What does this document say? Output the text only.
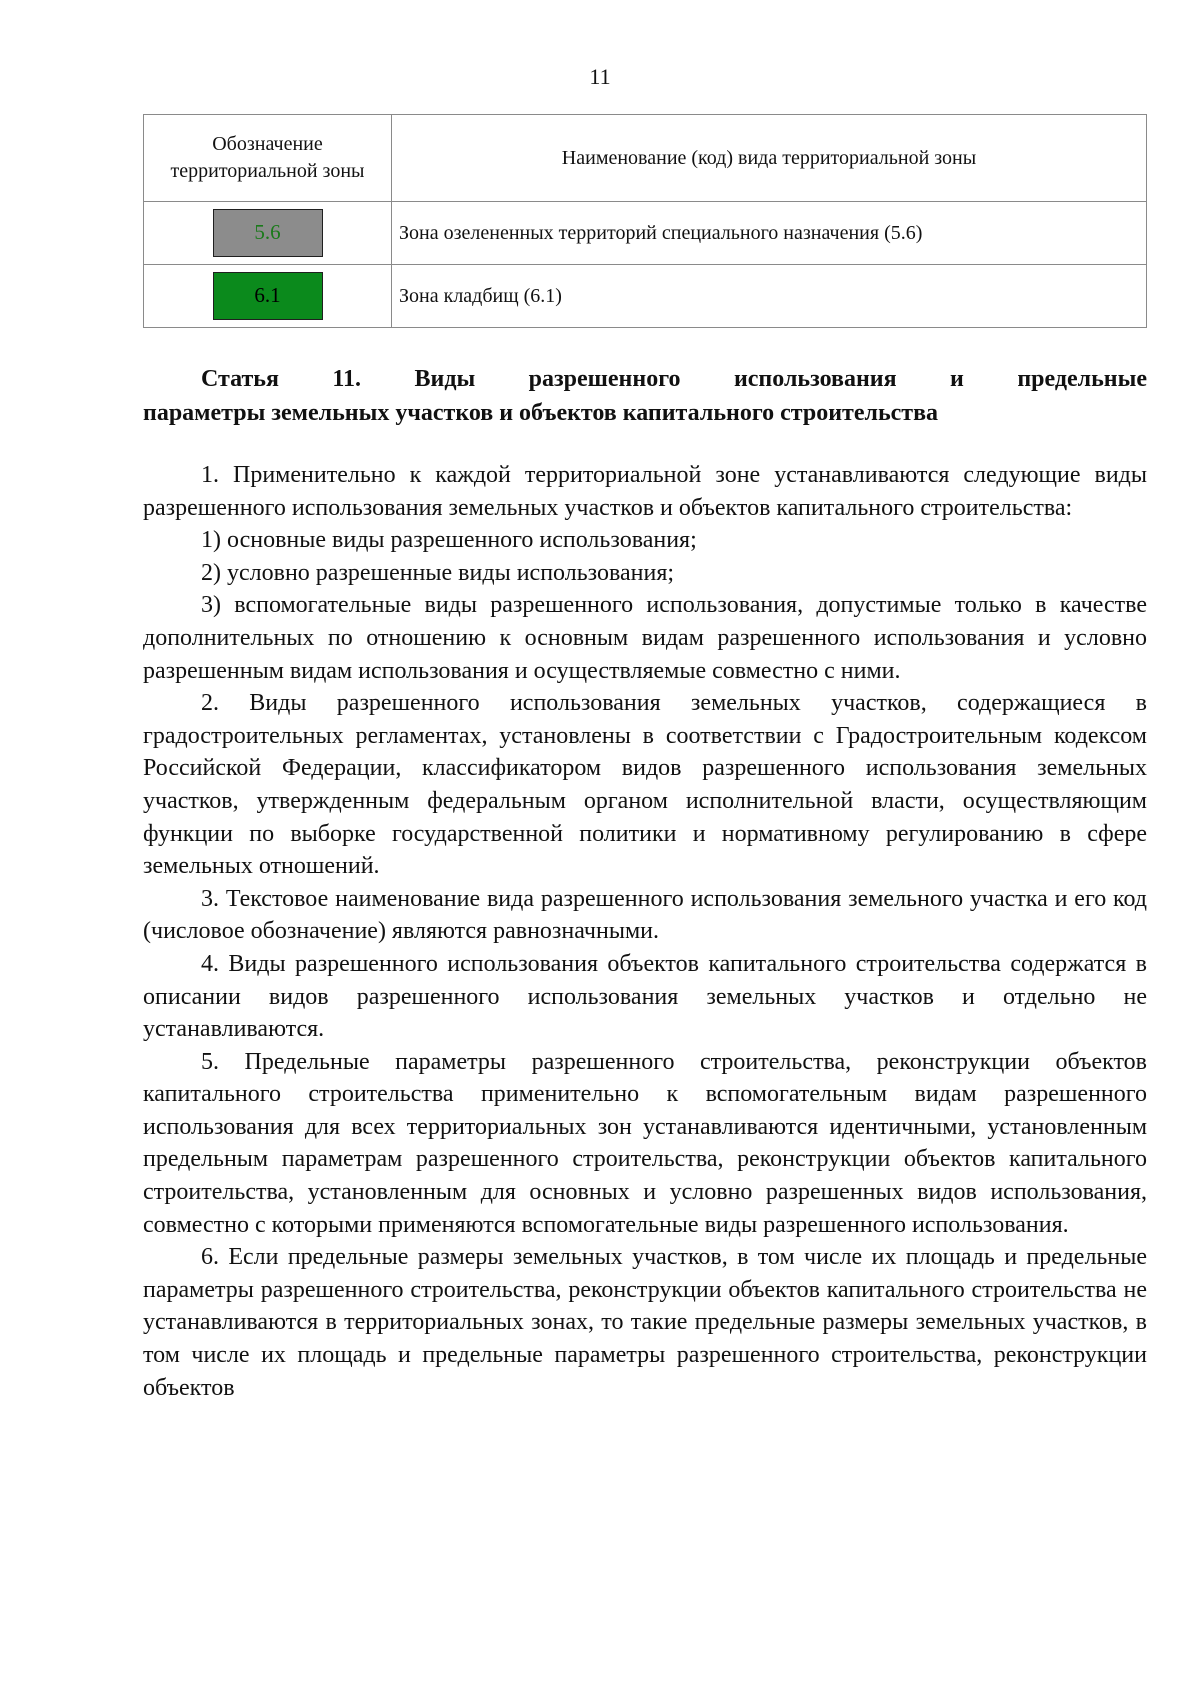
11
Обозначение территориальной зоны	Наименование (код) вида территориальной зоны
5.6	Зона озелененных территорий специального назначения (5.6)
6.1	Зона кладбищ (6.1)
Статья 11. Виды разрешенного использования и предельные
параметры земельных участков и объектов капитального строительства

1. Применительно к каждой территориальной зоне устанавливаются следующие виды разрешенного использования земельных участков и объектов капитального строительства:

1) основные виды разрешенного использования;

2) условно разрешенные виды использования;

3) вспомогательные виды разрешенного использования, допустимые только в качестве дополнительных по отношению к основным видам разрешенного использования и условно разрешенным видам использования и осуществляемые совместно с ними.

2. Виды разрешенного использования земельных участков, содержащиеся в градостроительных регламентах, установлены в соответствии с Градостроительным кодексом Российской Федерации, классификатором видов разрешенного использования земельных участков, утвержденным федеральным органом исполнительной власти, осуществляющим функции по выборке государственной политики и нормативному регулированию в сфере земельных отношений.

3. Текстовое наименование вида разрешенного использования земельного участка и его код (числовое обозначение) являются равнозначными.

4. Виды разрешенного использования объектов капитального строительства содержатся в описании видов разрешенного использования земельных участков и отдельно не устанавливаются.

5. Предельные параметры разрешенного строительства, реконструкции объектов капитального строительства применительно к вспомогательным видам разрешенного использования для всех территориальных зон устанавливаются идентичными, установленным предельным параметрам разрешенного строительства, реконструкции объектов капитального строительства, установленным для основных и условно разрешенных видов использования, совместно с которыми применяются вспомогательные виды разрешенного использования.

6. Если предельные размеры земельных участков, в том числе их площадь и предельные параметры разрешенного строительства, реконструкции объектов капитального строительства не устанавливаются в территориальных зонах, то такие предельные размеры земельных участков, в том числе их площадь и предельные параметры разрешенного строительства, реконструкции объектов
